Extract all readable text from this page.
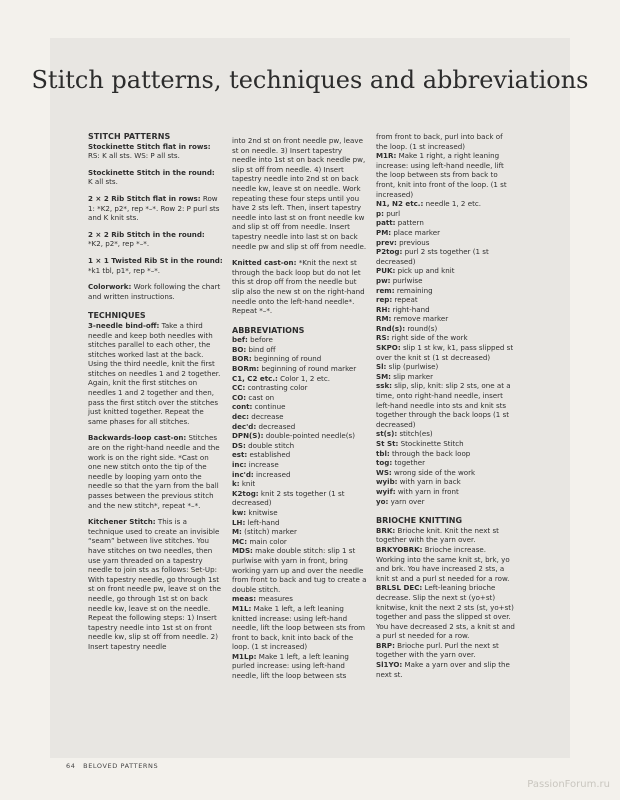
Stitch patterns, techniques and abbreviations

STITCH PATTERNS

Stockinette Stitch flat in rows:

RS: K all sts. WS: P all sts.

Stockinette Stitch in the round:

K all sts.

2 × 2 Rib Stitch flat in rows: Row 1: *K2, p2*, rep *–*. Row 2: P purl sts and K knit sts.

2 × 2 Rib Stitch in the round:

*K2, p2*, rep *–*.

1 × 1 Twisted Rib St in the round:

*k1 tbl, p1*, rep *–*.

Colorwork: Work following the chart and written instructions.

TECHNIQUES

3-needle bind-off: Take a third needle and keep both needles with stitches parallel to each other, the stitches worked last at the back. Using the third needle, knit the first stitches on needles 1 and 2 together. Again, knit the first stitches on needles 1 and 2 together and then, pass the first stitch over the stitches just knitted together. Repeat the same phases for all stitches.

Backwards-loop cast-on: Stitches are on the right-hand needle and the work is on the right side. *Cast on one new stitch onto the tip of the needle by looping yarn onto the needle so that the yarn from the ball passes between the previous stitch and the new stitch*, repeat *–*.

Kitchener Stitch: This is a technique used to create an invisible “seam” between live stitches. You have stitches on two needles, then use yarn threaded on a tapestry needle to join sts as follows: Set-Up: With tapestry needle, go through 1st st on front needle pw, leave st on the needle, go through 1st st on back needle kw, leave st on the needle. Repeat the following steps: 1) Insert tapestry needle into 1st st on front needle kw, slip st off from needle. 2) Insert tapestry needle

into 2nd st on front needle pw, leave st on needle. 3) Insert tapestry needle into 1st st on back needle pw, slip st off from needle. 4) Insert tapestry needle into 2nd st on back needle kw, leave st on needle. Work repeating these four steps until you have 2 sts left. Then, insert tapestry needle into last st on front needle kw and slip st off from needle. Insert tapestry needle into last st on back needle pw and slip st off from needle.

Knitted cast-on: *Knit the next st through the back loop but do not let this st drop off from the needle but slip also the new st on the right-hand needle onto the left-hand needle*. Repeat *–*.

ABBREVIATIONS

bef: before

BO: bind off

BOR: beginning of round

BORm: beginning of round marker

C1, C2 etc.: Color 1, 2 etc.

CC: contrasting color

CO: cast on

cont: continue

dec: decrease

dec'd: decreased

DPN(S): double-pointed needle(s)

DS: double stitch

est: established

inc: increase

inc'd: increased

k: knit

K2tog: knit 2 sts together (1 st decreased)

kw: knitwise

LH: left-hand

M: (stitch) marker

MC: main color

MDS: make double stitch: slip 1 st purlwise with yarn in front, bring working yarn up and over the needle from front to back and tug to create a double stitch.

meas: measures

M1L: Make 1 left, a left leaning knitted increase: using left-hand needle, lift the loop between sts from front to back, knit into back of the loop. (1 st increased)

M1Lp: Make 1 left, a left leaning purled increase: using left-hand needle, lift the loop between sts

from front to back, purl into back of the loop. (1 st increased)

M1R: Make 1 right, a right leaning increase: using left-hand needle, lift the loop between sts from back to front, knit into front of the loop. (1 st increased)

N1, N2 etc.: needle 1, 2 etc.

p: purl

patt: pattern

PM: place marker

prev: previous

P2tog: purl 2 sts together (1 st decreased)

PUK: pick up and knit

pw: purlwise

rem: remaining

rep: repeat

RH: right-hand

RM: remove marker

Rnd(s): round(s)

RS: right side of the work

SKPO: slip 1 st kw, k1, pass slipped st over the knit st (1 st decreased)

Sl: slip (purlwise)

SM: slip marker

ssk: slip, slip, knit: slip 2 sts, one at a time, onto right-hand needle, insert left-hand needle into sts and knit sts together through the back loops (1 st decreased)

st(s): stitch(es)

St St: Stockinette Stitch

tbl: through the back loop

tog: together

WS: wrong side of the work

wyib: with yarn in back

wyif: with yarn in front

yo: yarn over

BRIOCHE KNITTING

BRK: Brioche knit. Knit the next st together with the yarn over.

BRKYOBRK: Brioche increase. Working into the same knit st, brk, yo and brk. You have increased 2 sts, a knit st and a purl st needed for a row.

BRLSL DEC: Left-leaning brioche decrease. Slip the next st (yo+st) knitwise, knit the next 2 sts (st, yo+st) together and pass the slipped st over. You have decreased 2 sts, a knit st and a purl st needed for a row.

BRP: Brioche purl. Purl the next st together with the yarn over.

Sl1YO: Make a yarn over and slip the next st.

64 BELOVED PATTERNS
PassionForum.ru
